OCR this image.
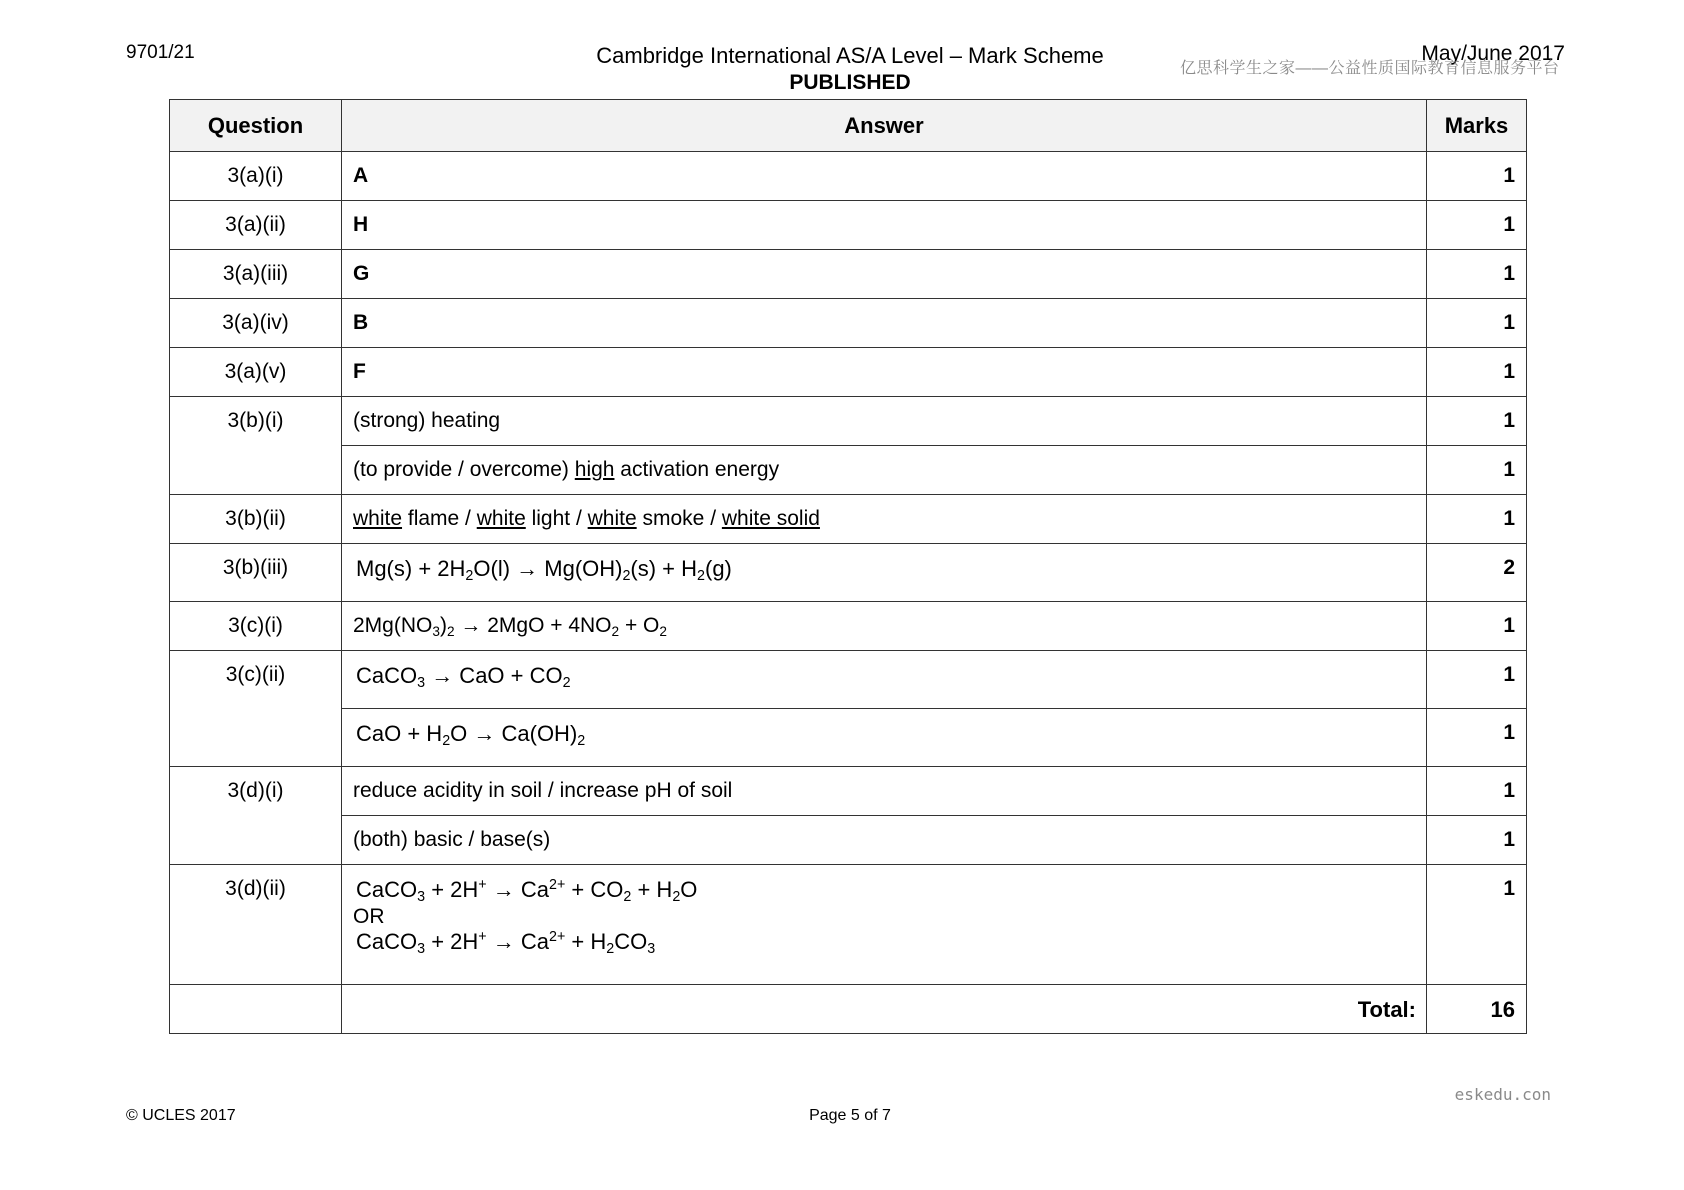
9701/21	Cambridge International AS/A Level – Mark Scheme
PUBLISHED
May/June 2017
亿思科学生之家——公益性质国际教育信息服务平台
Question	Answer	Marks
3(a)(i)	A	1
3(a)(ii)	H	1
3(a)(iii)	G	1
3(a)(iv)	B	1
3(a)(v)	F	1
3(b)(i)	(strong) heating	1
	(to provide / overcome) high activation energy	1
3(b)(ii)	white flame / white light / white smoke / white solid	1
3(b)(iii)	$Mg(s) + 2H_2O(l) \to Mg(OH)_2(s) + H_2(g)$	2
3(c)(i)	$2Mg(NO_3)_2 \to 2MgO + 4NO_2 + O_2$	1
3(c)(ii)	CaCO$_3$ → CaO + $CO_2$	1
	CaO + $H_2O \to Ca(OH)_2$	1
3(d)(i)	reduce acidity in soil / increase pH of soil	1
	(both) basic / base(s)	1
3(d)(ii)	CaCO$_3$ + $2H^+ \to Ca^{2+} + CO_2 + H_2O$
OR
CaCO$_3$ + $2H^+ \to Ca^{2+} + H_2CO_3$	1
	Total:	16
eskedu.con
© UCLES 2017	Page 5 of 7
